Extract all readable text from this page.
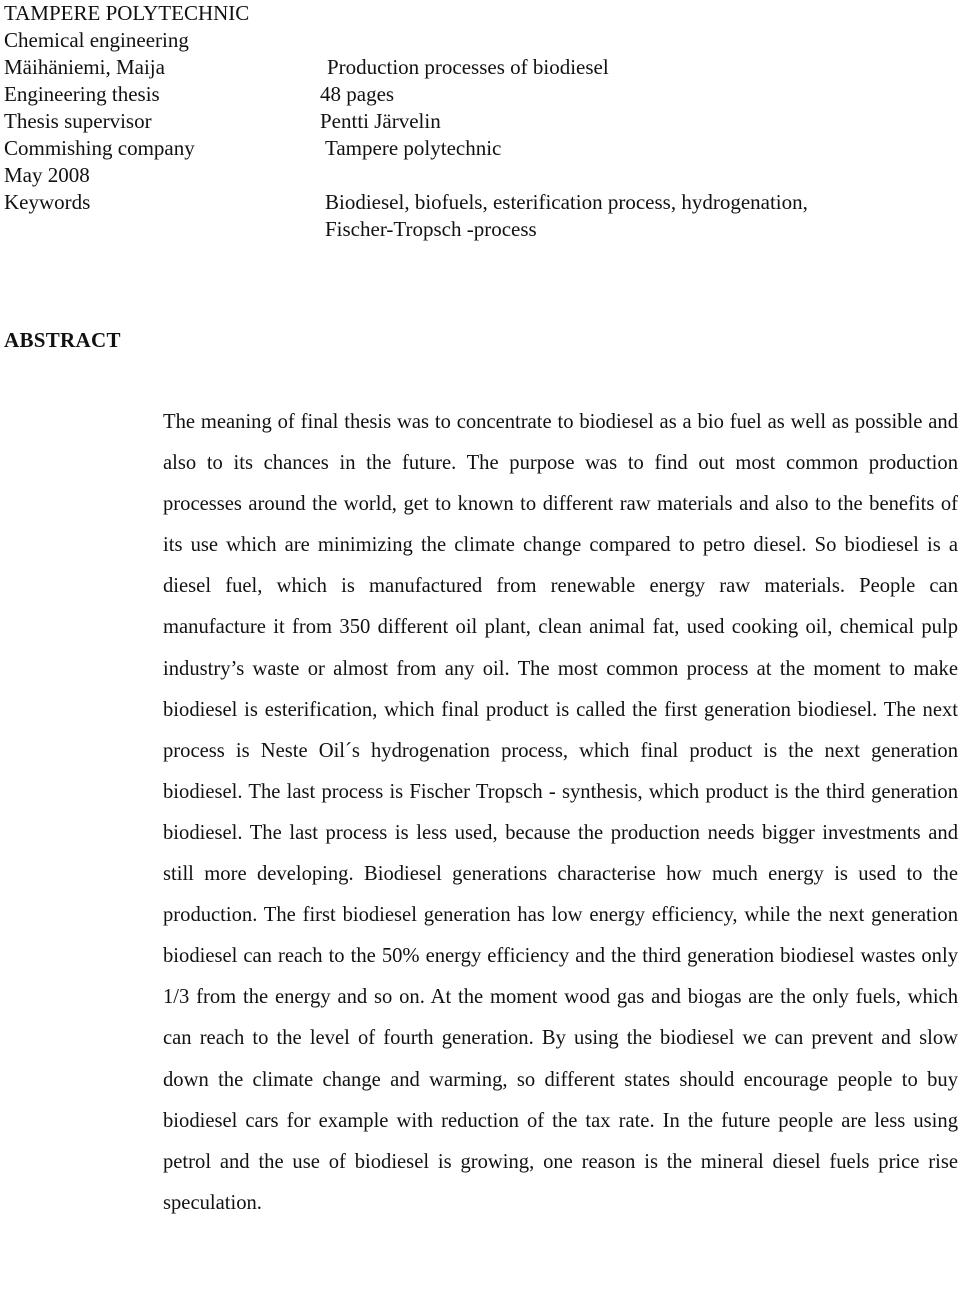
TAMPERE POLYTECHNIC
Chemical engineering
Mäihäniemi, Maija
Engineering thesis
Thesis supervisor
Commishing company
May 2008
Keywords
Production processes of biodiesel
48 pages
Pentti Järvelin
Tampere polytechnic
Biodiesel, biofuels, esterification process, hydrogenation,
Fischer-Tropsch -process
ABSTRACT

The meaning of final thesis was to concentrate to biodiesel as a bio fuel as well as possible and also to its chances in the future. The purpose was to find out most common production processes around the world, get to known to different raw materials and also to the benefits of its use which are minimizing the climate change compared to petro diesel. So biodiesel is a diesel fuel, which is manufactured from renewable energy raw materials. People can manufacture it from 350 different oil plant, clean animal fat, used cooking oil, chemical pulp industry’s waste or almost from any oil. The most common process at the moment to make biodiesel is esterification, which final product is called the first generation biodiesel. The next process is Neste Oil´s hydrogenation process, which final product is the next generation biodiesel. The last process is Fischer Tropsch - synthesis, which product is the third generation biodiesel. The last process is less used, because the production needs bigger investments and still more developing. Biodiesel generations characterise how much energy is used to the production. The first biodiesel generation has low energy efficiency, while the next generation biodiesel can reach to the 50% energy efficiency and the third generation biodiesel wastes only 1/3 from the energy and so on. At the moment wood gas and biogas are the only fuels, which can reach to the level of fourth generation. By using the biodiesel we can prevent and slow down the climate change and warming, so different states should encourage people to buy biodiesel cars for example with reduction of the tax rate. In the future people are less using petrol and the use of biodiesel is growing, one reason is the mineral diesel fuels price rise speculation.
